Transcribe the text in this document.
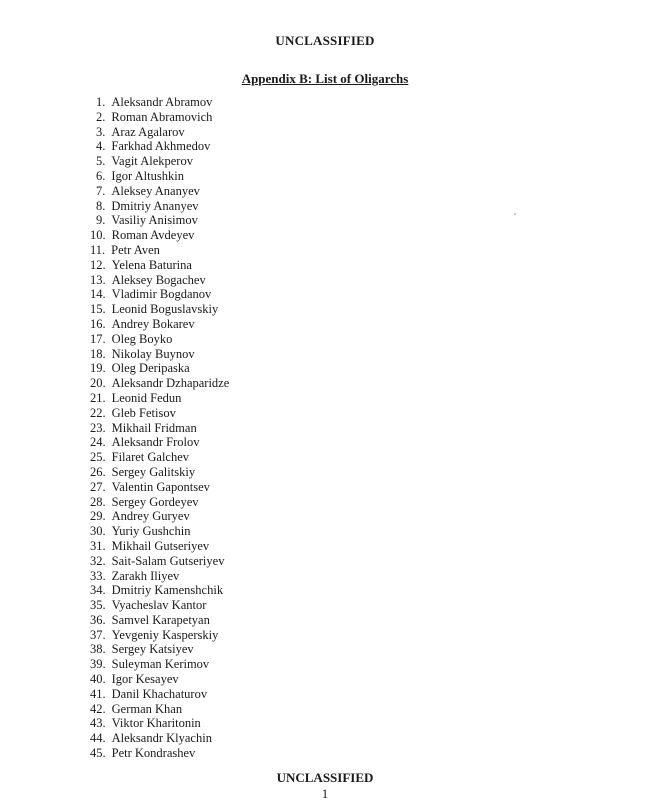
UNCLASSIFIED
Appendix B: List of Oligarchs
1. Aleksandr Abramov
2. Roman Abramovich
3. Araz Agalarov
4. Farkhad Akhmedov
5. Vagit Alekperov
6. Igor Altushkin
7. Aleksey Ananyev
8. Dmitriy Ananyev
9. Vasiliy Anisimov
10. Roman Avdeyev
11. Petr Aven
12. Yelena Baturina
13. Aleksey Bogachev
14. Vladimir Bogdanov
15. Leonid Boguslavskiy
16. Andrey Bokarev
17. Oleg Boyko
18. Nikolay Buynov
19. Oleg Deripaska
20. Aleksandr Dzhaparidze
21. Leonid Fedun
22. Gleb Fetisov
23. Mikhail Fridman
24. Aleksandr Frolov
25. Filaret Galchev
26. Sergey Galitskiy
27. Valentin Gapontsev
28. Sergey Gordeyev
29. Andrey Guryev
30. Yuriy Gushchin
31. Mikhail Gutseriyev
32. Sait-Salam Gutseriyev
33. Zarakh Iliyev
34. Dmitriy Kamenshchik
35. Vyacheslav Kantor
36. Samvel Karapetyan
37. Yevgeniy Kasperskiy
38. Sergey Katsiyev
39. Suleyman Kerimov
40. Igor Kesayev
41. Danil Khachaturov
42. German Khan
43. Viktor Kharitonin
44. Aleksandr Klyachin
45. Petr Kondrashev
UNCLASSIFIED
1
